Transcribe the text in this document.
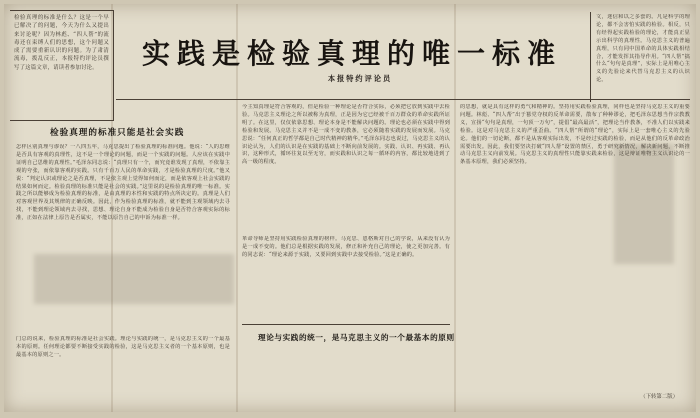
检验真理的标准是什么？这是一个早已解决了的问题，今天为什么又提出来讨论呢？因为林彪、“四人帮”的流毒还在束缚人们的思想，这个问题又成了需要重新认识的问题。为了肃清流毒，拨乱反正，本报特约评论员撰写了这篇文章，请读者参加讨论。	实践是检验真理的唯一标准
本报特约评论员
文，迷信和以之多套的。凡是科学的理论，都不会害怕实践的检验。相反，只有经得起实践检验的理论，才能真正显示出科学的真理性。马克思主义的普遍真理，只有同中国革命的具体实践相结合，才能发挥其指导作用。“四人帮”搞什么“句句是真理”，实际上是用唯心主义的先验论来代替马克思主义的认识论。
检验真理的标准只能是社会实践
怎样区别真理与谬误？一八四五年，马克思提出了检验真理的标准问题。他说：“人的思维是否具有客观的真理性，这不是一个理论的问题，而是一个实践的问题。人应该在实践中证明自己思维的真理性。”毛泽东同志说：“真理只有一个，而究竟谁发现了真理，不依靠主观的夸张，而依靠客观的实践。只有千百万人民的革命实践，才是检验真理的尺度。”他又说：“判定认识或理论之是否真理，不是依主观上觉得如何而定，而是依客观上社会实践的结果如何而定。检验真理的标准只能是社会的实践。”这里说的是检验真理的唯一标准。实践之所以能够成为检验真理的标准，是由真理的本性和实践的特点所决定的。真理是人们对客观世界及其规律的正确反映。因此，作为检验真理的标准，就不能到主观领域内去寻找，不能到理论领域内去寻找，思想、理论自身不能成为检验自身是否符合客观实际的标准，正如在法律上原告是否属实，不能以原告自己的申诉为标准一样。
门总的说来，检验真理的标准是社会实践。理论与实践的统一，是马克思主义的一个最基本的原则。任何理论都要不断接受实践的检验，这是马克思主义者的一个基本原则，也是最基本的原则之一。
今主知真理是符合客观的，但是检验一种理论是否符合实际，必须把它放到实践中去检验。马克思主义理论之所以被称为真理，正是因为它已经被千百万群众的革命实践所证明了。在这里，仅仅依靠思想、理论本身是不能解决问题的。理论也必须在实践中得到检验和发展。马克思主义并不是一成不变的教条，它必须随着实践的发展而发展。马克思说：“任何真正的哲学都是自己时代精神的精华。”毛泽东同志也说过，马克思主义的认识论认为，人们的认识是在实践的基础上不断向前发展的。实践、认识、再实践、再认识，这种形式，循环往复以至无穷，而实践和认识之每一循环的内容，都比较地进到了高一级的程度。
理论与实践的统一，是马克思主义的一个最基本的原则
革命导师是坚持用实践检验真理的榜样。马克思、恩格斯对自己的学说，从来没有认为是一成不变的。他们总是根据实践的发展，修正和补充自己的理论，使之更加完善。有的同志说：“理论来源于实践，又要回到实践中去接受检验。”这是正确的。
的思想，就是具有这样的勇气和精神的。坚持用实践检验真理，同样也是坚持马克思主义的重要问题。林彪、“四人帮”出于篡党夺权的反革命需要，散布了种种谬论，把毛泽东思想当作宗教教义，宣扬“句句是真理，一句顶一万句”，提倡“最高最活”，把理论当作教条，不准人们以实践来检验。这是对马克思主义的严重歪曲。“四人帮”所谓的“理论”，实际上是一套唯心主义的先验论。他们的一切论断，都不是从客观实际出发，不是经过实践的检验，而是从他们的反革命政治需要出发。因此，我们要坚决打破“四人帮”设置的禁区，勇于研究新情况，解决新问题，不断推动马克思主义向前发展。马克思主义的真理性只能靠实践来检验，这是辩证唯物主义认识论的一条基本原理，我们必须坚持。
（下转第二版）
